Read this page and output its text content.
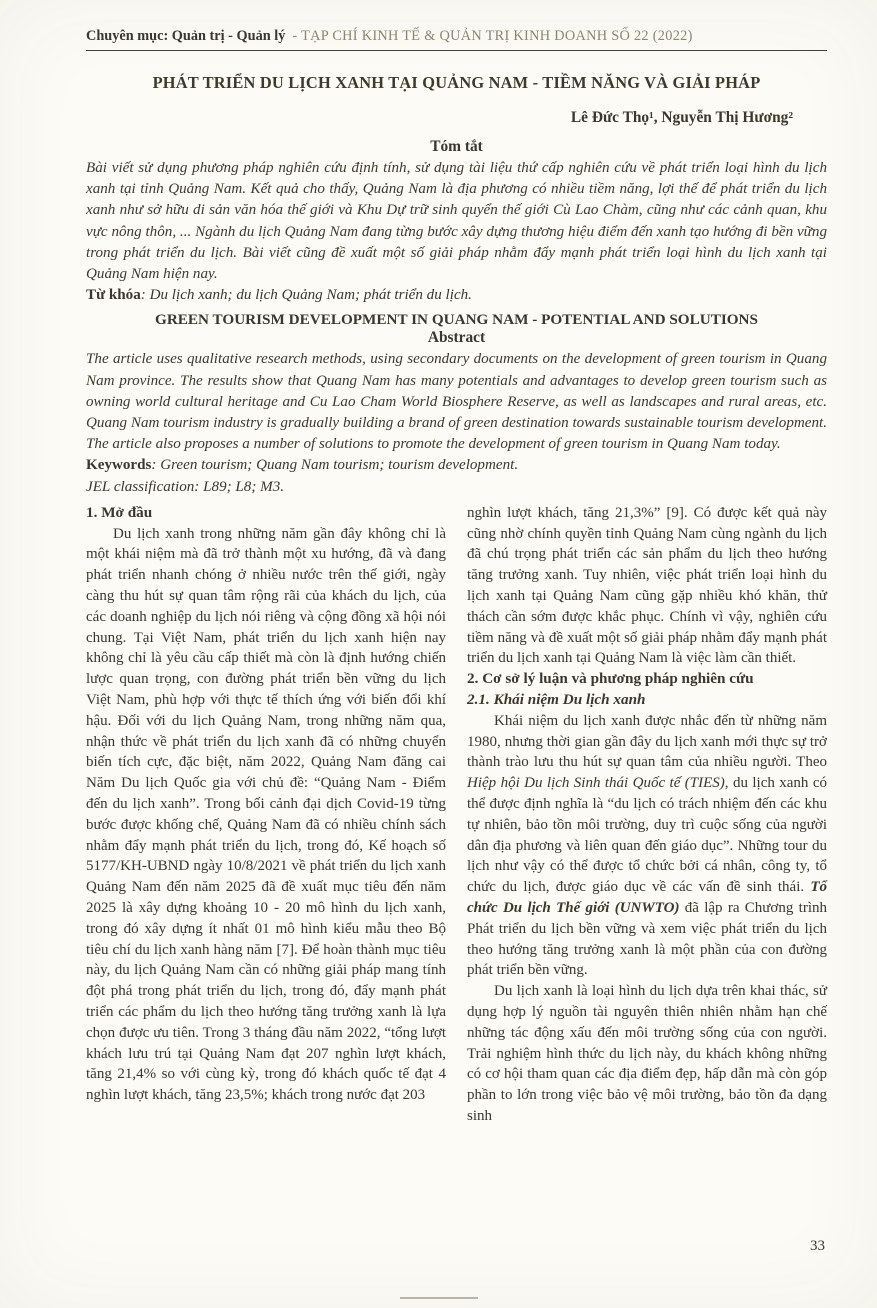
Chuyên mục: Quản trị - Quản lý - TẠP CHÍ KINH TẾ & QUẢN TRỊ KINH DOANH SỐ 22 (2022)
PHÁT TRIỂN DU LỊCH XANH TẠI QUẢNG NAM - TIỀM NĂNG VÀ GIẢI PHÁP
Lê Đức Thọ¹, Nguyễn Thị Hương²
Tóm tắt

Bài viết sử dụng phương pháp nghiên cứu định tính, sử dụng tài liệu thứ cấp nghiên cứu về phát triển loại hình du lịch xanh tại tỉnh Quảng Nam. Kết quả cho thấy, Quảng Nam là địa phương có nhiều tiềm năng, lợi thế để phát triển du lịch xanh như sở hữu di sản văn hóa thế giới và Khu Dự trữ sinh quyển thế giới Cù Lao Chàm, cũng như các cảnh quan, khu vực nông thôn, ... Ngành du lịch Quảng Nam đang từng bước xây dựng thương hiệu điểm đến xanh tạo hướng đi bền vững trong phát triển du lịch. Bài viết cũng đề xuất một số giải pháp nhằm đẩy mạnh phát triển loại hình du lịch xanh tại Quảng Nam hiện nay.

Từ khóa: Du lịch xanh; du lịch Quảng Nam; phát triển du lịch.

GREEN TOURISM DEVELOPMENT IN QUANG NAM - POTENTIAL AND SOLUTIONS
Abstract

The article uses qualitative research methods, using secondary documents on the development of green tourism in Quang Nam province. The results show that Quang Nam has many potentials and advantages to develop green tourism such as owning world cultural heritage and Cu Lao Cham World Biosphere Reserve, as well as landscapes and rural areas, etc. Quang Nam tourism industry is gradually building a brand of green destination towards sustainable tourism development. The article also proposes a number of solutions to promote the development of green tourism in Quang Nam today.

Keywords: Green tourism; Quang Nam tourism; tourism development.

JEL classification: L89; L8; M3.

1. Mở đầu

Du lịch xanh trong những năm gần đây không chỉ là một khái niệm mà đã trở thành một xu hướng, đã và đang phát triển nhanh chóng ở nhiều nước trên thế giới, ngày càng thu hút sự quan tâm rộng rãi của khách du lịch, của các doanh nghiệp du lịch nói riêng và cộng đồng xã hội nói chung. Tại Việt Nam, phát triển du lịch xanh hiện nay không chỉ là yêu cầu cấp thiết mà còn là định hướng chiến lược quan trọng, con đường phát triển bền vững du lịch Việt Nam, phù hợp với thực tế thích ứng với biến đổi khí hậu. Đối với du lịch Quảng Nam, trong những năm qua, nhận thức về phát triển du lịch xanh đã có những chuyển biến tích cực, đặc biệt, năm 2022, Quảng Nam đăng cai Năm Du lịch Quốc gia với chủ đề: “Quảng Nam - Điểm đến du lịch xanh”. Trong bối cảnh đại dịch Covid-19 từng bước được khống chế, Quảng Nam đã có nhiều chính sách nhằm đẩy mạnh phát triển du lịch, trong đó, Kế hoạch số 5177/KH-UBND ngày 10/8/2021 về phát triển du lịch xanh Quảng Nam đến năm 2025 đã đề xuất mục tiêu đến năm 2025 là xây dựng khoảng 10 - 20 mô hình du lịch xanh, trong đó xây dựng ít nhất 01 mô hình kiểu mẫu theo Bộ tiêu chí du lịch xanh hàng năm [7]. Để hoàn thành mục tiêu này, du lịch Quảng Nam cần có những giải pháp mang tính đột phá trong phát triển du lịch, trong đó, đẩy mạnh phát triển các phẩm du lịch theo hướng tăng trưởng xanh là lựa chọn được ưu tiên. Trong 3 tháng đầu năm 2022, “tổng lượt khách lưu trú tại Quảng Nam đạt 207 nghìn lượt khách, tăng 21,4% so với cùng kỳ, trong đó khách quốc tế đạt 4 nghìn lượt khách, tăng 23,5%; khách trong nước đạt 203

nghìn lượt khách, tăng 21,3%” [9]. Có được kết quả này cũng nhờ chính quyền tỉnh Quảng Nam cùng ngành du lịch đã chú trọng phát triển các sản phẩm du lịch theo hướng tăng trưởng xanh. Tuy nhiên, việc phát triển loại hình du lịch xanh tại Quảng Nam cũng gặp nhiều khó khăn, thử thách cần sớm được khắc phục. Chính vì vậy, nghiên cứu tiềm năng và đề xuất một số giải pháp nhằm đẩy mạnh phát triển du lịch xanh tại Quảng Nam là việc làm cần thiết.

2. Cơ sở lý luận và phương pháp nghiên cứu
2.1. Khái niệm Du lịch xanh

Khái niệm du lịch xanh được nhắc đến từ những năm 1980, nhưng thời gian gần đây du lịch xanh mới thực sự trở thành trào lưu thu hút sự quan tâm của nhiều người. Theo Hiệp hội Du lịch Sinh thái Quốc tế (TIES), du lịch xanh có thể được định nghĩa là “du lịch có trách nhiệm đến các khu tự nhiên, bảo tồn môi trường, duy trì cuộc sống của người dân địa phương và liên quan đến giáo dục”. Những tour du lịch như vậy có thể được tổ chức bởi cá nhân, công ty, tổ chức du lịch, được giáo dục về các vấn đề sinh thái. Tổ chức Du lịch Thế giới (UNWTO) đã lập ra Chương trình Phát triển du lịch bền vững và xem việc phát triển du lịch theo hướng tăng trưởng xanh là một phần của con đường phát triển bền vững.

Du lịch xanh là loại hình du lịch dựa trên khai thác, sử dụng hợp lý nguồn tài nguyên thiên nhiên nhằm hạn chế những tác động xấu đến môi trường sống của con người. Trải nghiệm hình thức du lịch này, du khách không những có cơ hội tham quan các địa điểm đẹp, hấp dẫn mà còn góp phần to lớn trong việc bảo vệ môi trường, bảo tồn đa dạng sinh

33
